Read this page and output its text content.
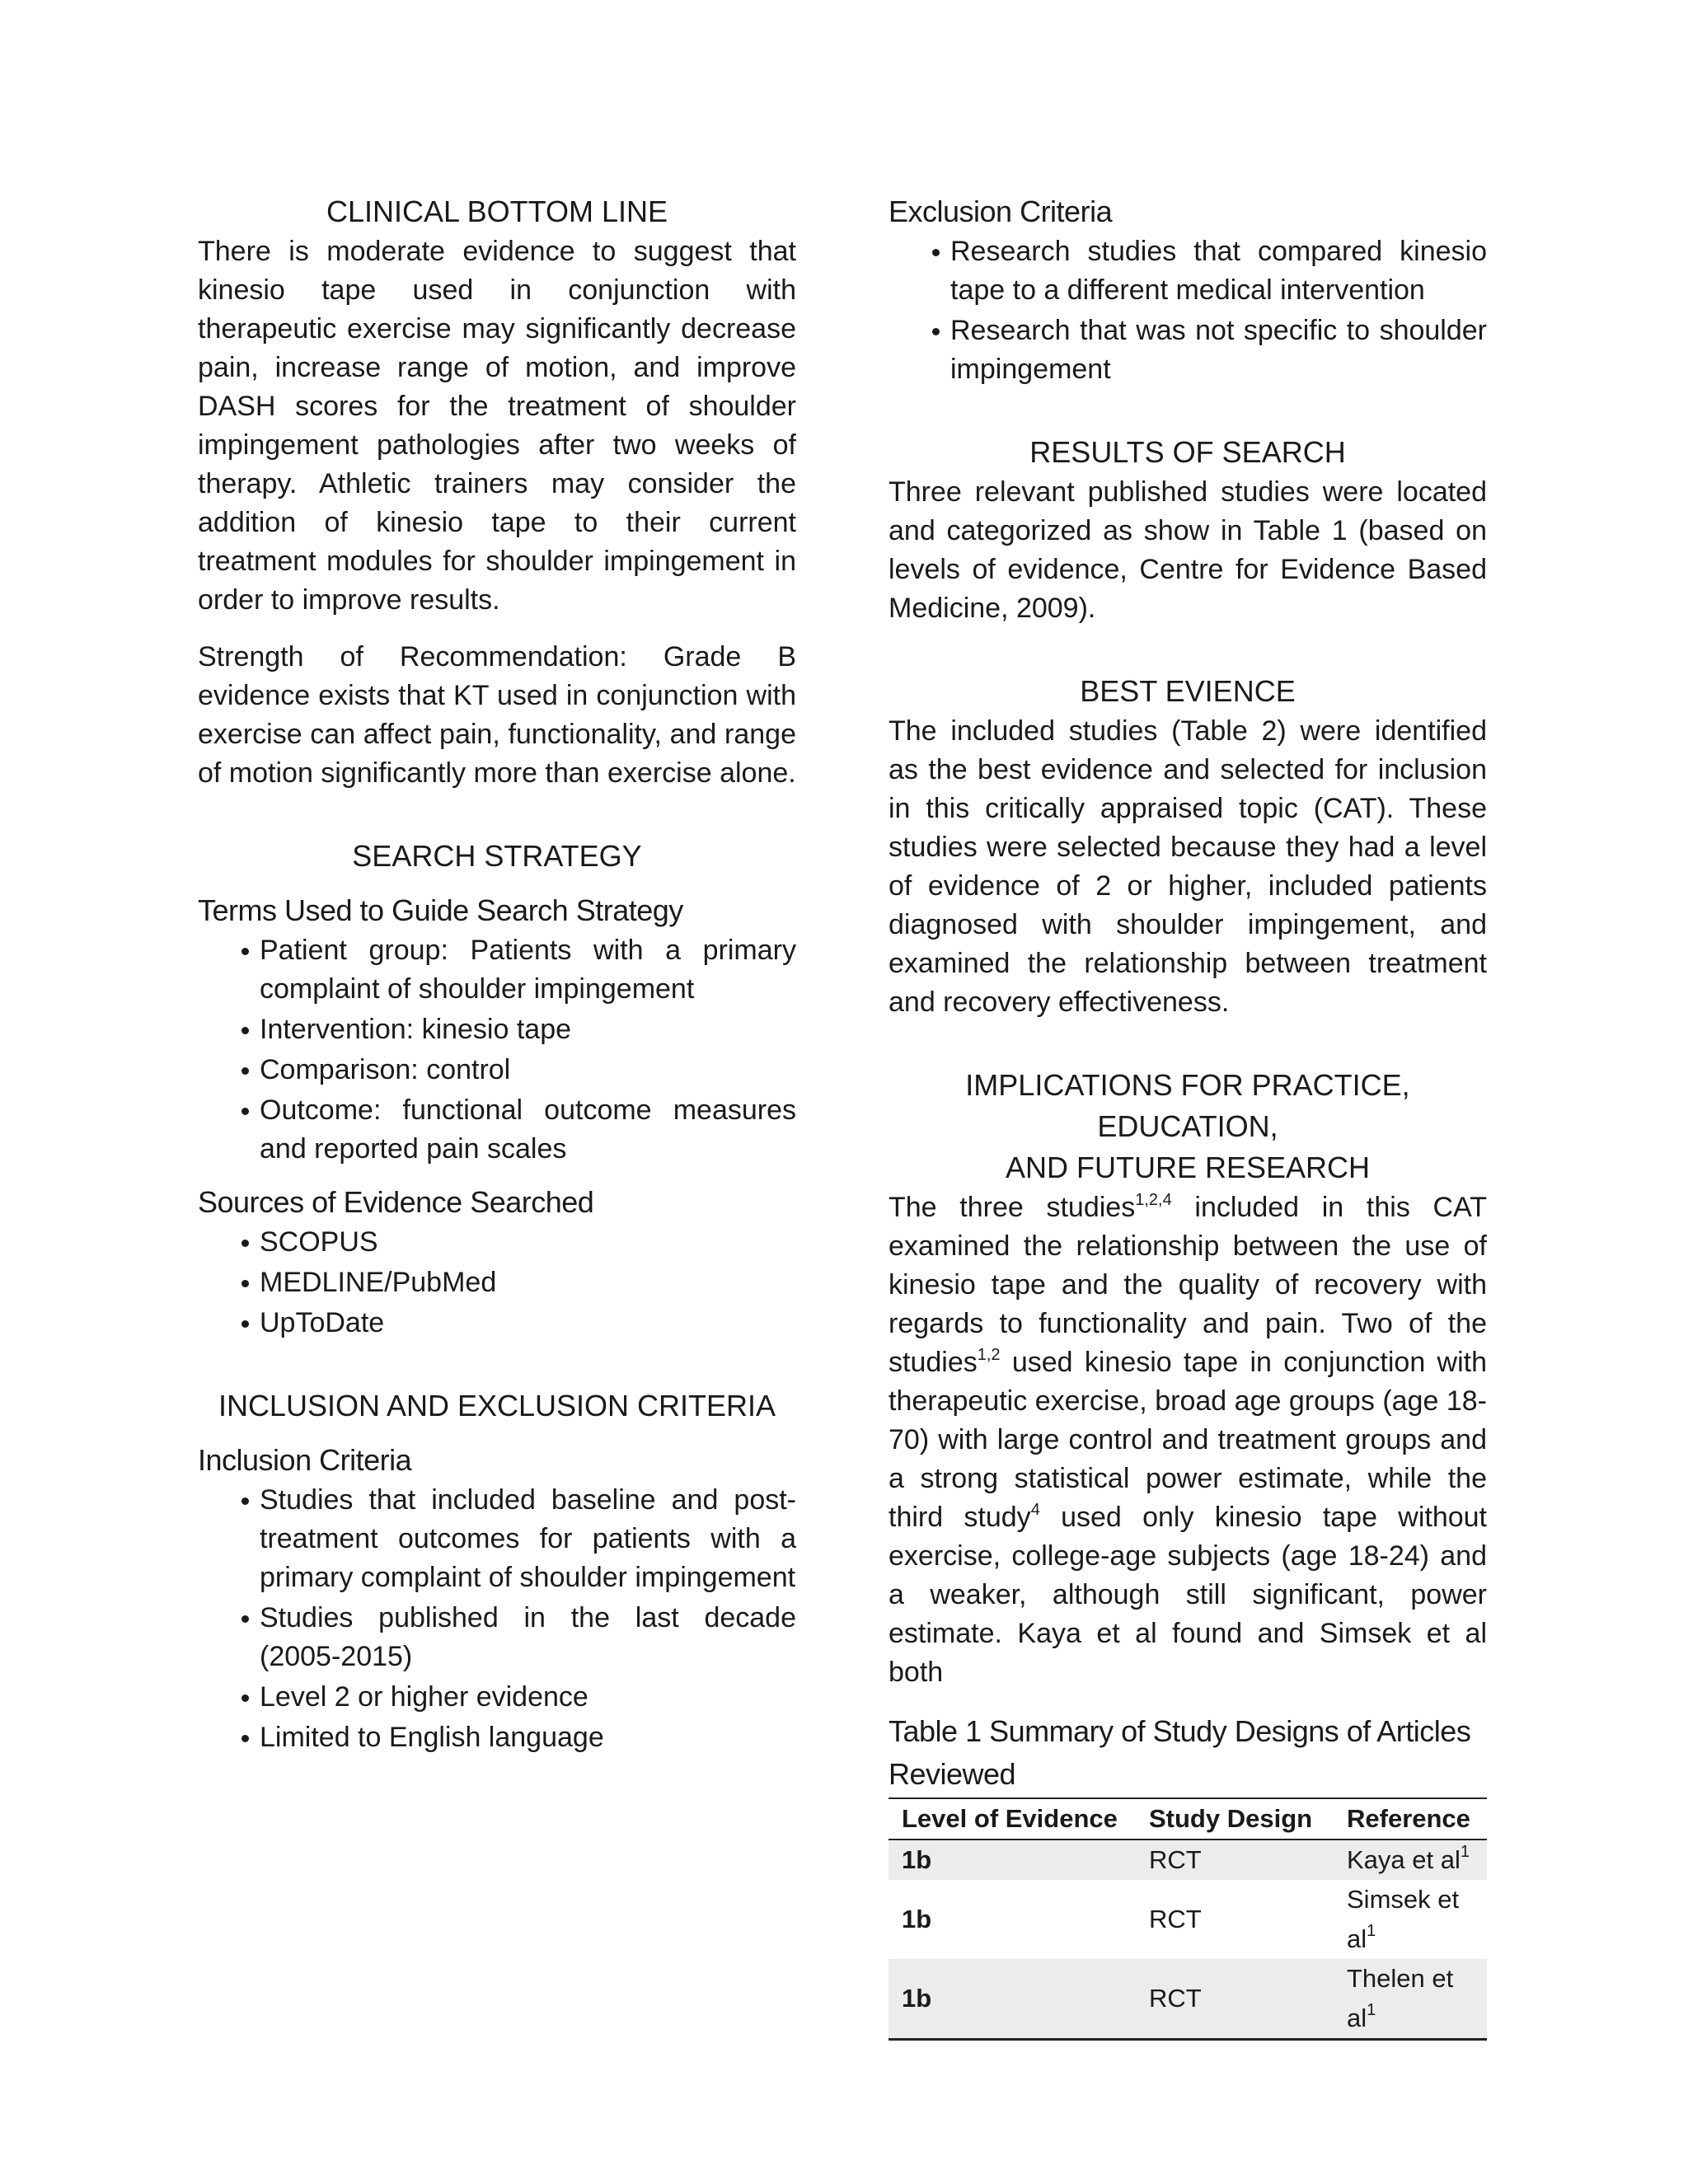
CLINICAL BOTTOM LINE

There is moderate evidence to suggest that kinesio tape used in conjunction with therapeutic exercise may significantly decrease pain, increase range of motion, and improve DASH scores for the treatment of shoulder impingement pathologies after two weeks of therapy. Athletic trainers may consider the addition of kinesio tape to their current treatment modules for shoulder impingement in order to improve results.

Strength of Recommendation: Grade B evidence exists that KT used in conjunction with exercise can affect pain, functionality, and range of motion significantly more than exercise alone.

SEARCH STRATEGY

Terms Used to Guide Search Strategy

Patient group: Patients with a primary complaint of shoulder impingement
Intervention: kinesio tape
Comparison: control
Outcome: functional outcome measures and reported pain scales

Sources of Evidence Searched

SCOPUS
MEDLINE/PubMed
UpToDate

INCLUSION AND EXCLUSION CRITERIA

Inclusion Criteria

Studies that included baseline and post-treatment outcomes for patients with a primary complaint of shoulder impingement
Studies published in the last decade (2005-2015)
Level 2 or higher evidence
Limited to English language

Exclusion Criteria

Research studies that compared kinesio tape to a different medical intervention
Research that was not specific to shoulder impingement

RESULTS OF SEARCH

Three relevant published studies were located and categorized as show in Table 1 (based on levels of evidence, Centre for Evidence Based Medicine, 2009).

BEST EVIENCE

The included studies (Table 2) were identified as the best evidence and selected for inclusion in this critically appraised topic (CAT). These studies were selected because they had a level of evidence of 2 or higher, included patients diagnosed with shoulder impingement, and examined the relationship between treatment and recovery effectiveness.

IMPLICATIONS FOR PRACTICE, EDUCATION,
AND FUTURE RESEARCH

The three studies$^{1,2,4}$ included in this CAT examined the relationship between the use of kinesio tape and the quality of recovery with regards to functionality and pain. Two of the studies$^{1,2}$ used kinesio tape in conjunction with therapeutic exercise, broad age groups (age 18-70) with large control and treatment groups and a strong statistical power estimate, while the third study$^4$ used only kinesio tape without exercise, college-age subjects (age 18-24) and a weaker, although still significant, power estimate. Kaya et al found and Simsek et al both

Table 1 Summary of Study Designs of Articles Reviewed

Level of Evidence	Study Design	Reference
1b	RCT	Kaya et $al^1$
1b	RCT	Simsek et $al^1$
1b	RCT	Thelen et $al^1$
